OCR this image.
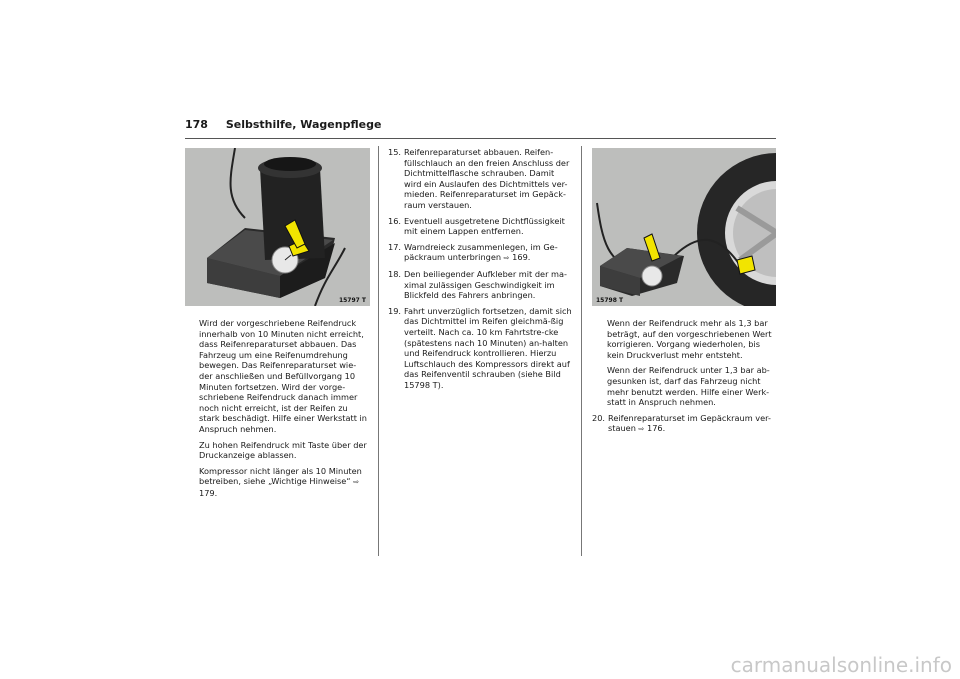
178 Selbsthilfe, Wagenpflege
15797 T	15798 T

Wird der vorgeschriebene Reifendruck innerhalb von 10 Minuten nicht erreicht, dass Reifenreparaturset abbauen. Das Fahrzeug um eine Reifenumdrehung bewegen. Das Reifenreparaturset wie-der anschließen und Befüllvorgang 10 Minuten fortsetzen. Wird der vorge-schriebene Reifendruck danach immer noch nicht erreicht, ist der Reifen zu stark beschädigt. Hilfe einer Werkstatt in Anspruch nehmen.

Zu hohen Reifendruck mit Taste über der Druckanzeige ablassen.

Kompressor nicht länger als 10 Minuten betreiben, siehe „Wichtige Hinweise“ ⇨ 179.

15. Reifenreparaturset abbauen. Reifen-füllschlauch an den freien Anschluss der Dichtmittelflasche schrauben. Damit wird ein Auslaufen des Dichtmittels ver-mieden. Reifenreparaturset im Gepäck-raum verstauen.
16. Eventuell ausgetretene Dichtflüssigkeit mit einem Lappen entfernen.
17. Warndreieck zusammenlegen, im Ge-päckraum unterbringen ⇨ 169.
18. Den beiliegender Aufkleber mit der ma-ximal zulässigen Geschwindigkeit im Blickfeld des Fahrers anbringen.
19. Fahrt unverzüglich fortsetzen, damit sich das Dichtmittel im Reifen gleichmä-ßig verteilt. Nach ca. 10 km Fahrtstre-cke (spätestens nach 10 Minuten) an-halten und Reifendruck kontrollieren. Hierzu Luftschlauch des Kompressors direkt auf das Reifenventil schrauben (siehe Bild 15798 T).

Wenn der Reifendruck mehr als 1,3 bar beträgt, auf den vorgeschriebenen Wert korrigieren. Vorgang wiederholen, bis kein Druckverlust mehr entsteht.

Wenn der Reifendruck unter 1,3 bar ab-gesunken ist, darf das Fahrzeug nicht mehr benutzt werden. Hilfe einer Werk-statt in Anspruch nehmen.

20. Reifenreparaturset im Gepäckraum ver-stauen ⇨ 176.
carmanualsonline.info
